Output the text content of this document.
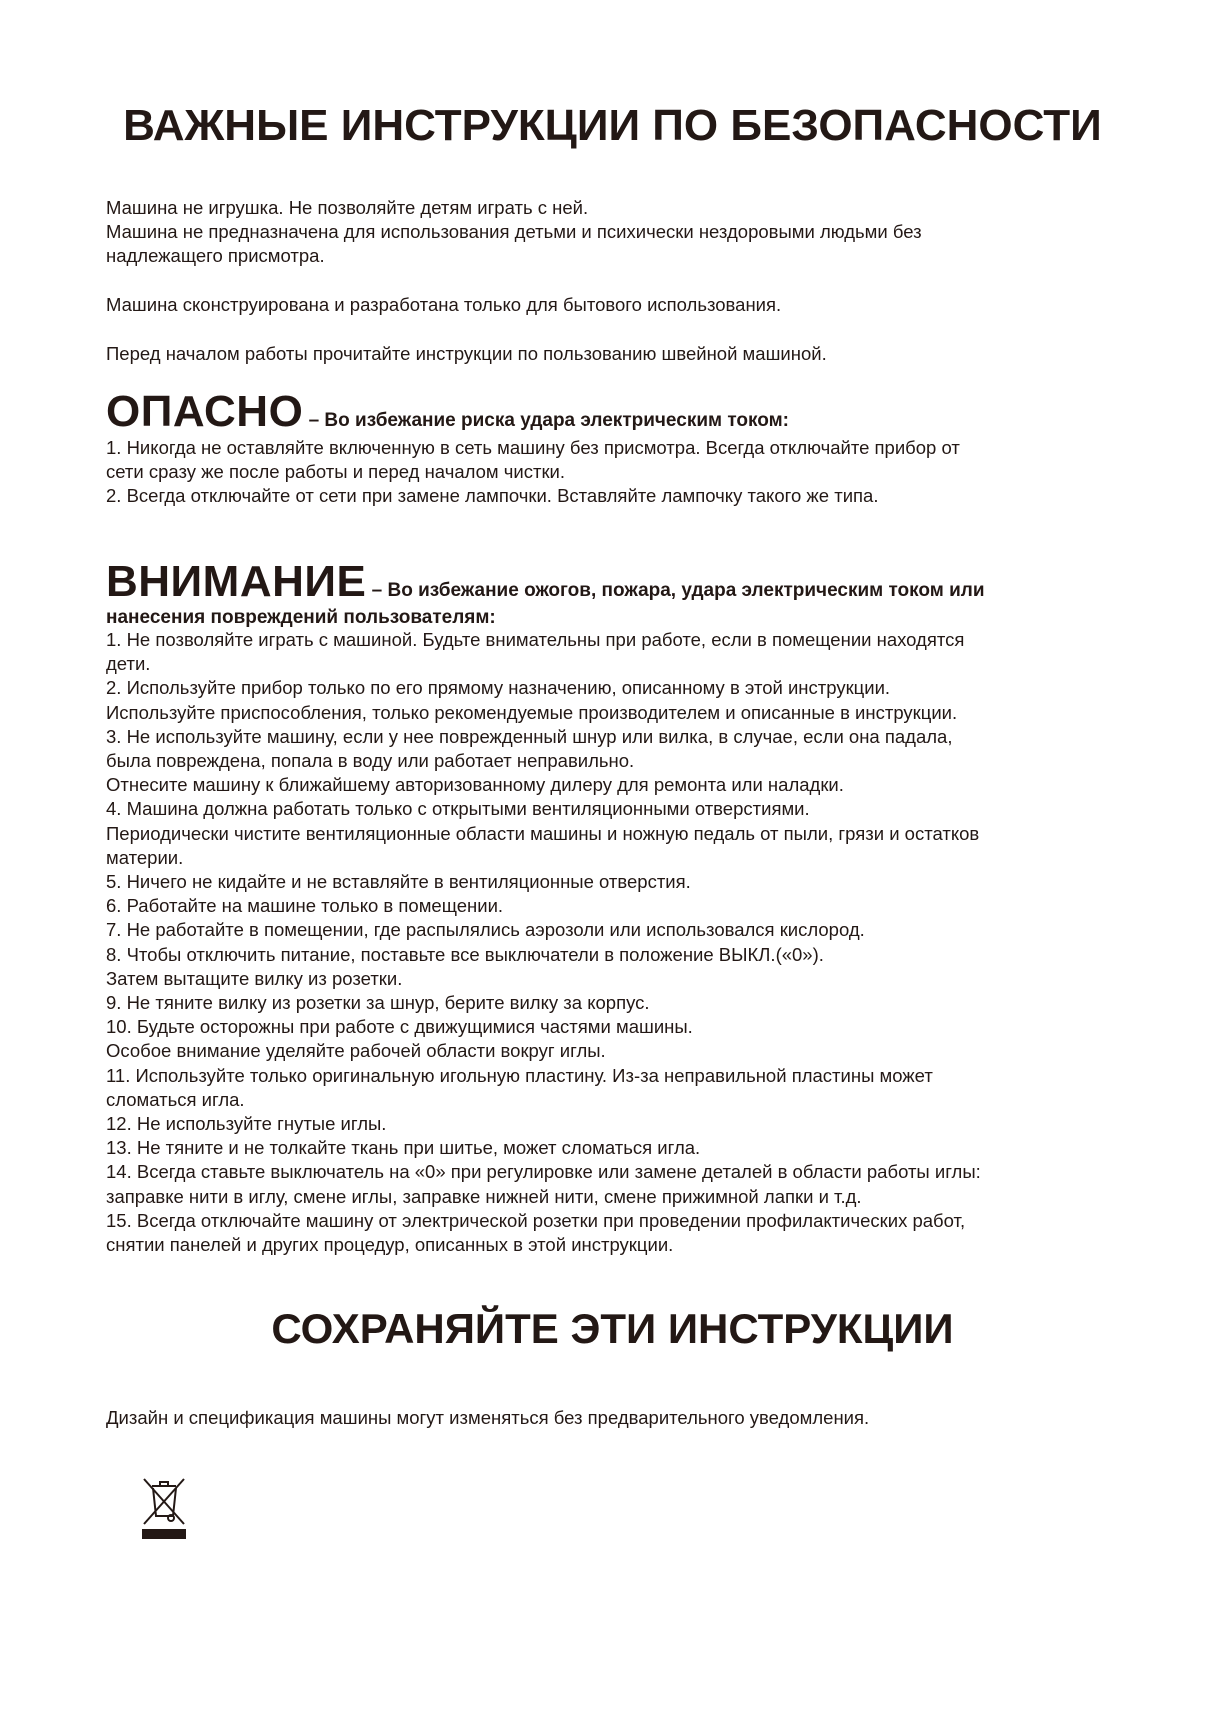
ВАЖНЫЕ ИНСТРУКЦИИ ПО БЕЗОПАСНОСТИ
Машина не игрушка. Не позволяйте детям играть с ней.
Машина не предназначена для использования детьми и психически нездоровыми людьми без
надлежащего присмотра.
Машина сконструирована и разработана только для бытового использования.
Перед началом работы прочитайте инструкции по пользованию швейной машиной.
ОПАСНО – Во избежание риска удара электрическим током:
1. Никогда не оставляйте включенную в сеть машину без присмотра. Всегда отключайте прибор от
сети сразу же после работы и перед началом чистки.
2. Всегда отключайте от сети при замене лампочки. Вставляйте лампочку такого же типа.
ВНИМАНИЕ – Во избежание ожогов, пожара, удара электрическим током или
нанесения повреждений пользователям:
1. Не позволяйте играть с машиной. Будьте внимательны при работе, если в помещении находятся
дети.
2. Используйте прибор только по его прямому назначению, описанному в этой инструкции.
Используйте приспособления, только рекомендуемые производителем и описанные в инструкции.
3. Не используйте машину, если у нее поврежденный шнур или вилка, в случае, если она падала,
была повреждена, попала в воду или работает неправильно.
Отнесите машину к ближайшему авторизованному дилеру для ремонта или наладки.
4. Машина должна работать только с открытыми вентиляционными отверстиями.
Периодически чистите вентиляционные области машины и ножную педаль от пыли, грязи и остатков
материи.
5. Ничего не кидайте и не вставляйте в вентиляционные отверстия.
6. Работайте на машине только в помещении.
7. Не работайте в помещении, где распылялись аэрозоли или использовался кислород.
8. Чтобы отключить питание, поставьте все выключатели в положение ВЫКЛ.(«0»).
Затем вытащите вилку из розетки.
9. Не тяните вилку из розетки за шнур, берите вилку за корпус.
10. Будьте осторожны при работе с движущимися частями машины.
Особое внимание уделяйте рабочей области вокруг иглы.
11. Используйте только оригинальную игольную пластину. Из-за неправильной пластины может
сломаться игла.
12. Не используйте гнутые иглы.
13. Не тяните и не толкайте ткань при шитье, может сломаться игла.
14. Всегда ставьте выключатель на «0» при регулировке или замене деталей в области работы иглы:
заправке нити в иглу, смене иглы, заправке нижней нити, смене прижимной лапки и т.д.
15. Всегда отключайте машину от электрической розетки при проведении профилактических работ,
снятии панелей и других процедур, описанных в этой инструкции.
СОХРАНЯЙТЕ ЭТИ ИНСТРУКЦИИ
Дизайн и спецификация машины могут изменяться без предварительного уведомления.
